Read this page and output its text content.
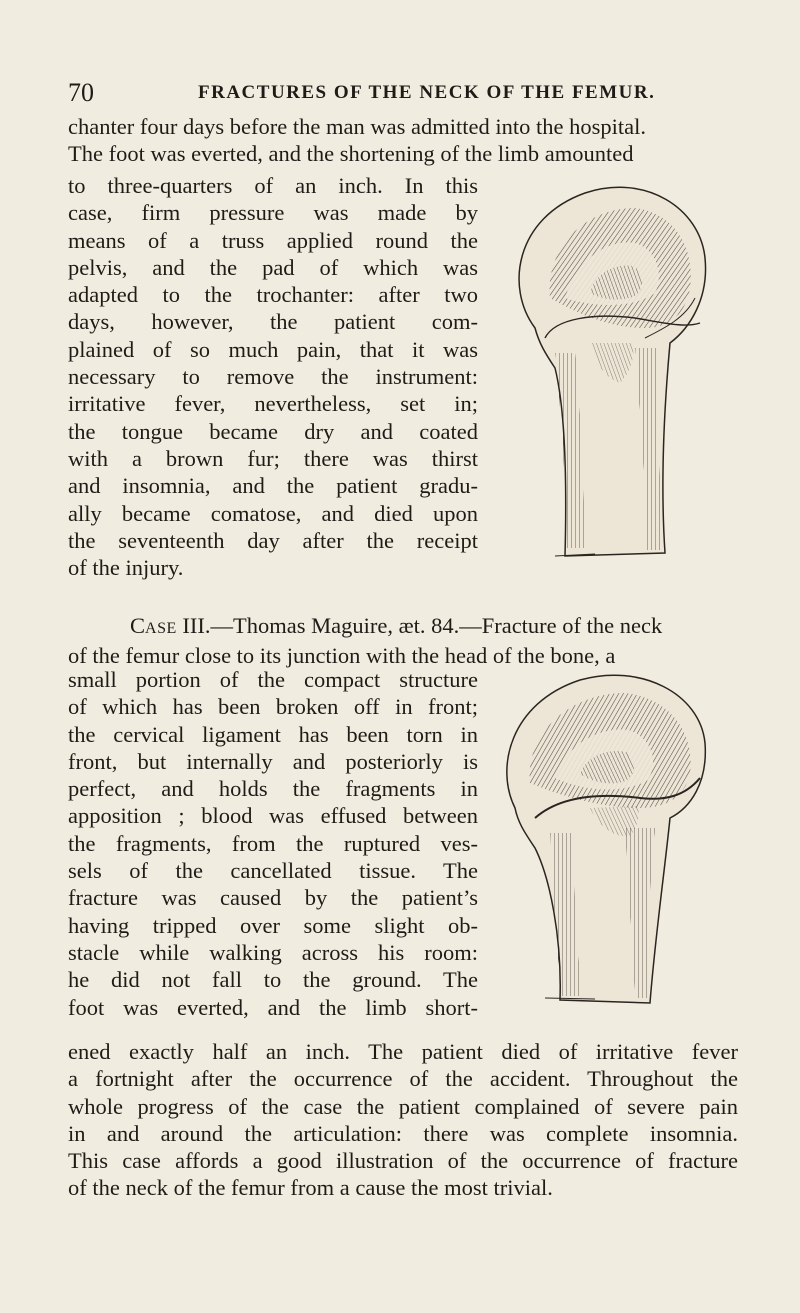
70	FRACTURES OF THE NECK OF THE FEMUR.

chanter four days before the man was admitted into the hospital.
The foot was everted, and the shortening of the limb amounted

to three-quarters of an inch. In this
case, firm pressure was made by
means of a truss applied round the
pelvis, and the pad of which was
adapted to the trochanter: after two
days, however, the patient com-
plained of so much pain, that it was
necessary to remove the instrument:
irritative fever, nevertheless, set in;
the tongue became dry and coated
with a brown fur; there was thirst
and insomnia, and the patient gradu-
ally became comatose, and died upon
the seventeenth day after the receipt
of the injury.

CASE III.—Thomas Maguire, æt. 84.—Fracture of the neck
of the femur close to its junction with the head of the bone, a

small portion of the compact structure
of which has been broken off in front;
the cervical ligament has been torn in
front, but internally and posteriorly is
perfect, and holds the fragments in
apposition ; blood was effused between
the fragments, from the ruptured ves-
sels of the cancellated tissue. The
fracture was caused by the patient’s
having tripped over some slight ob-
stacle while walking across his room:
he did not fall to the ground. The
foot was everted, and the limb short-

ened exactly half an inch. The patient died of irritative fever
a fortnight after the occurrence of the accident. Throughout the
whole progress of the case the patient complained of severe pain
in and around the articulation: there was complete insomnia.
This case affords a good illustration of the occurrence of fracture
of the neck of the femur from a cause the most trivial.
